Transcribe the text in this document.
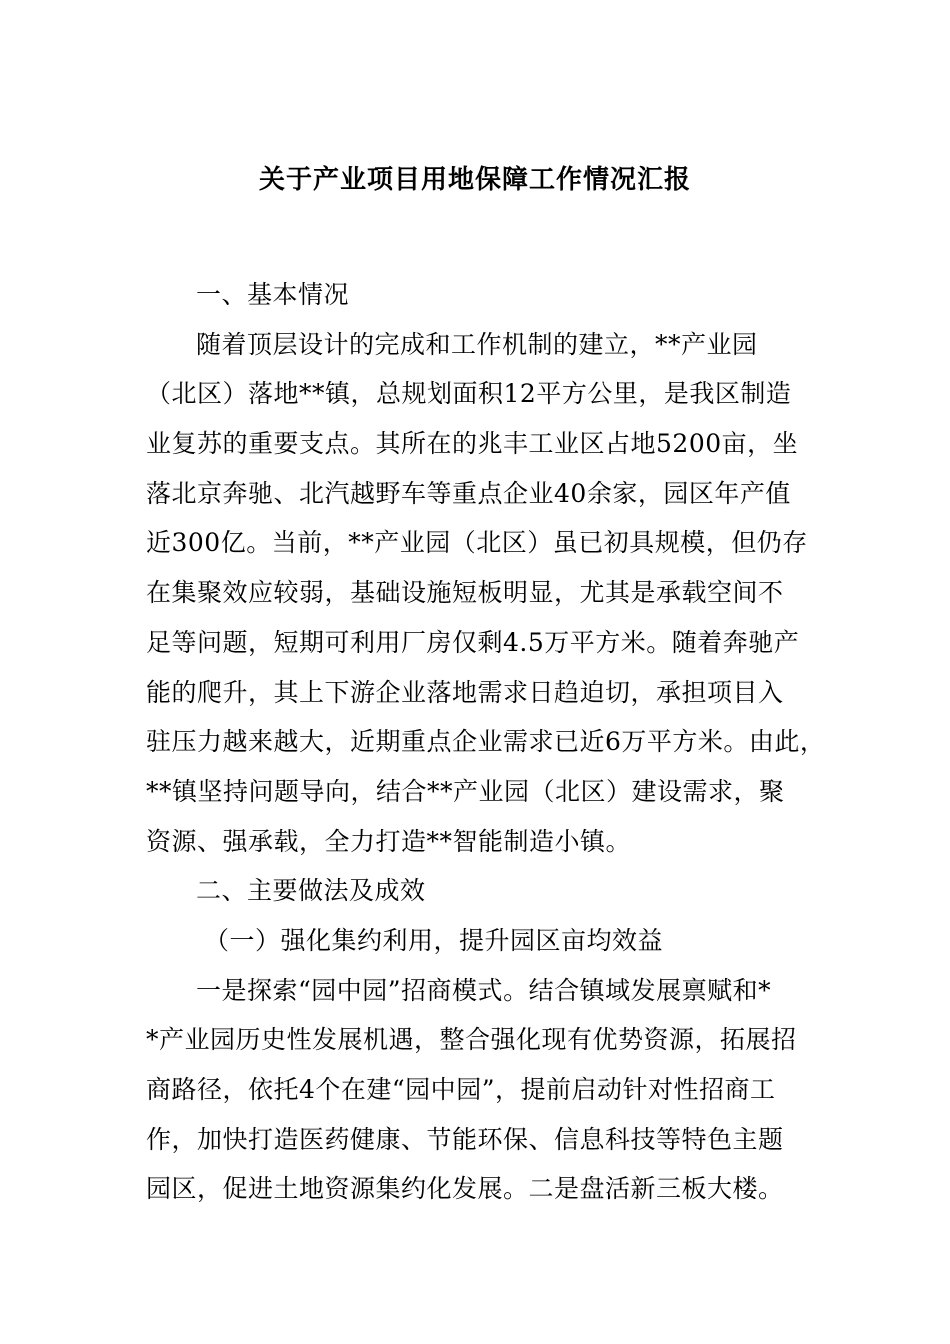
关于产业项目用地保障工作情况汇报
一、基本情况
随着顶层设计的完成和工作机制的建立，**产业园
（北区）落地**镇，总规划面积12平方公里，是我区制造
业复苏的重要支点。其所在的兆丰工业区占地5200亩，坐
落北京奔驰、北汽越野车等重点企业40余家，园区年产值
近300亿。当前，**产业园（北区）虽已初具规模，但仍存
在集聚效应较弱，基础设施短板明显，尤其是承载空间不
足等问题，短期可利用厂房仅剩4.5万平方米。随着奔驰产
能的爬升，其上下游企业落地需求日趋迫切，承担项目入
驻压力越来越大，近期重点企业需求已近6万平方米。由此，
**镇坚持问题导向，结合**产业园（北区）建设需求，聚
资源、强承载，全力打造**智能制造小镇。
二、主要做法及成效
（一）强化集约利用，提升园区亩均效益
一是探索“园中园”招商模式。结合镇域发展禀赋和*
*产业园历史性发展机遇，整合强化现有优势资源，拓展招
商路径，依托4个在建“园中园”，提前启动针对性招商工
作，加快打造医药健康、节能环保、信息科技等特色主题
园区，促进土地资源集约化发展。二是盘活新三板大楼。
